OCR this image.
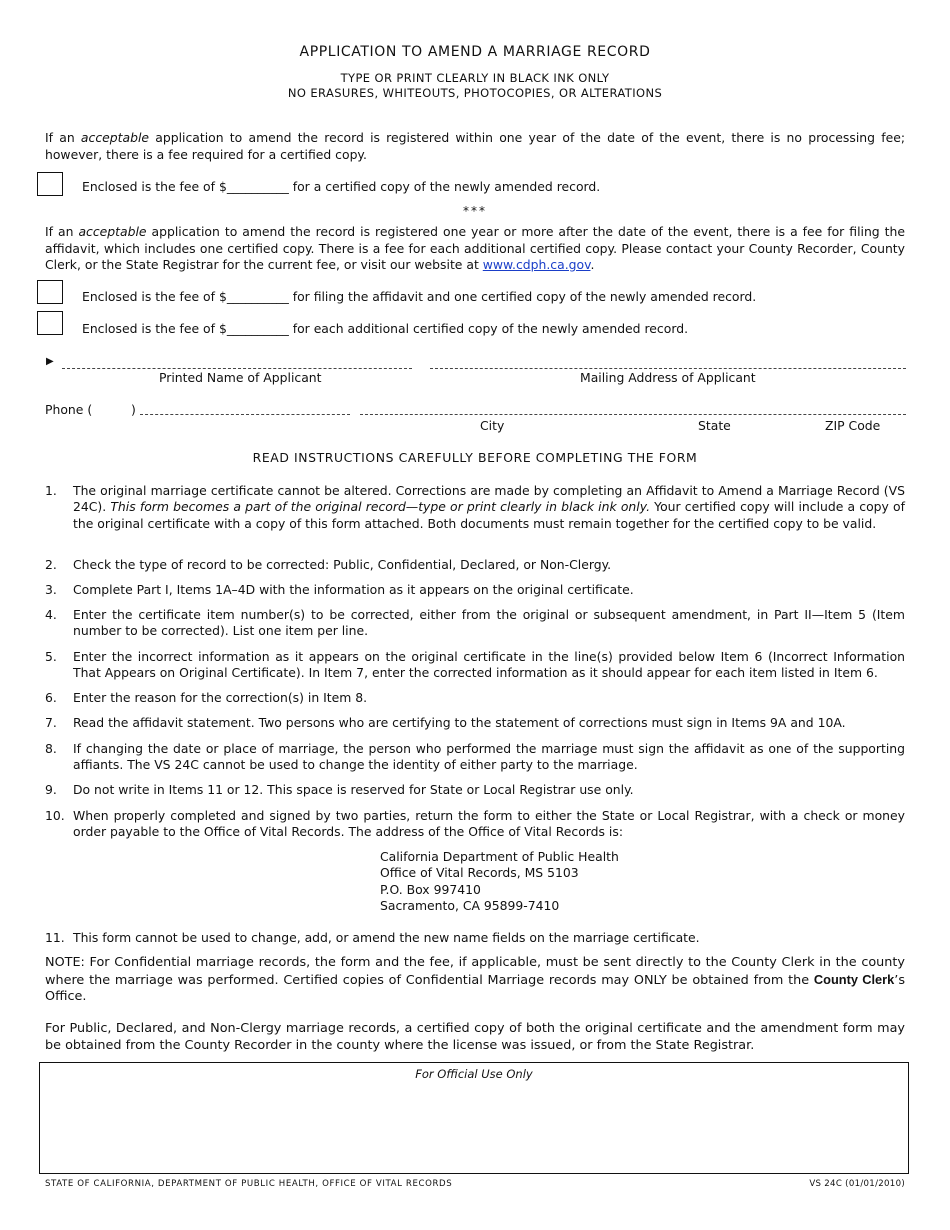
APPLICATION TO AMEND A MARRIAGE RECORD
TYPE OR PRINT CLEARLY IN BLACK INK ONLY
NO ERASURES, WHITEOUTS, PHOTOCOPIES, OR ALTERATIONS
If an acceptable application to amend the record is registered within one year of the date of the event, there is no processing fee; however, there is a fee required for a certified copy.
Enclosed is the fee of $__________ for a certified copy of the newly amended record.
***
If an acceptable application to amend the record is registered one year or more after the date of the event, there is a fee for filing the affidavit, which includes one certified copy. There is a fee for each additional certified copy. Please contact your County Recorder, County Clerk, or the State Registrar for the current fee, or visit our website at www.cdph.ca.gov.
Enclosed is the fee of $__________ for filing the affidavit and one certified copy of the newly amended record.
Enclosed is the fee of $__________ for each additional certified copy of the newly amended record.
▶
Printed Name of Applicant	Mailing Address of Applicant
Phone (	)
City	State	ZIP Code
READ INSTRUCTIONS CAREFULLY BEFORE COMPLETING THE FORM
1.	The original marriage certificate cannot be altered. Corrections are made by completing an Affidavit to Amend a Marriage Record (VS 24C). This form becomes a part of the original record—type or print clearly in black ink only. Your certified copy will include a copy of the original certificate with a copy of this form attached. Both documents must remain together for the certified copy to be valid.
2.	Check the type of record to be corrected: Public, Confidential, Declared, or Non-Clergy.
3.	Complete Part I, Items 1A–4D with the information as it appears on the original certificate.
4.	Enter the certificate item number(s) to be corrected, either from the original or subsequent amendment, in Part II—Item 5 (Item number to be corrected). List one item per line.
5.	Enter the incorrect information as it appears on the original certificate in the line(s) provided below Item 6 (Incorrect Information That Appears on Original Certificate). In Item 7, enter the corrected information as it should appear for each item listed in Item 6.
6.	Enter the reason for the correction(s) in Item 8.
7.	Read the affidavit statement. Two persons who are certifying to the statement of corrections must sign in Items 9A and 10A.
8.	If changing the date or place of marriage, the person who performed the marriage must sign the affidavit as one of the supporting affiants. The VS 24C cannot be used to change the identity of either party to the marriage.
9.	Do not write in Items 11 or 12. This space is reserved for State or Local Registrar use only.
10. When properly completed and signed by two parties, return the form to either the State or Local Registrar, with a check or money order payable to the Office of Vital Records. The address of the Office of Vital Records is:
California Department of Public Health
Office of Vital Records, MS 5103
P.O. Box 997410
Sacramento, CA 95899-7410
11. This form cannot be used to change, add, or amend the new name fields on the marriage certificate.
NOTE: For Confidential marriage records, the form and the fee, if applicable, must be sent directly to the County Clerk in the county where the marriage was performed. Certified copies of Confidential Marriage records may ONLY be obtained from the County Clerk’s Office.
For Public, Declared, and Non-Clergy marriage records, a certified copy of both the original certificate and the amendment form may be obtained from the County Recorder in the county where the license was issued, or from the State Registrar.
For Official Use Only
STATE OF CALIFORNIA, DEPARTMENT OF PUBLIC HEALTH, OFFICE OF VITAL RECORDS	VS 24C (01/01/2010)
